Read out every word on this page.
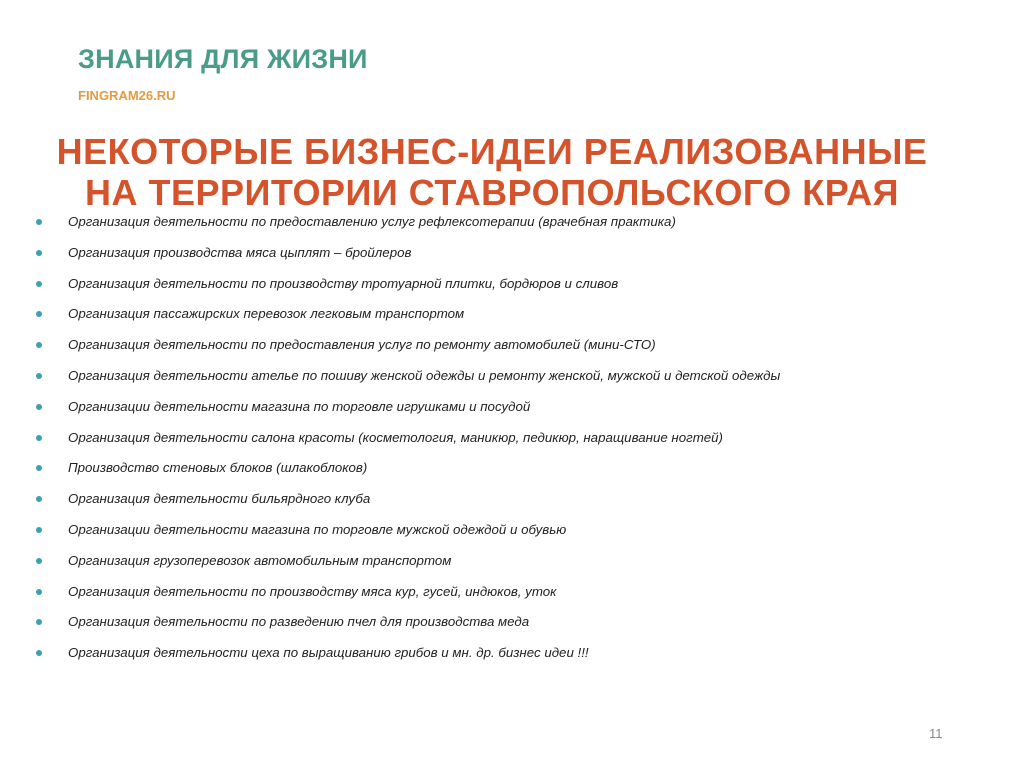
ЗНАНИЯ ДЛЯ ЖИЗНИ
FINGRAM26.RU
НЕКОТОРЫЕ БИЗНЕС-ИДЕИ РЕАЛИЗОВАННЫЕ
НА ТЕРРИТОРИИ СТАВРОПОЛЬСКОГО КРАЯ
Организация деятельности по предоставлению услуг рефлексотерапии (врачебная практика)
Организация производства мяса цыплят – бройлеров
Организация деятельности по производству тротуарной плитки, бордюров и сливов
Организация пассажирских перевозок легковым транспортом
Организация деятельности по предоставления услуг по ремонту автомобилей (мини-СТО)
Организация деятельности ателье по пошиву женской одежды и ремонту женской, мужской и детской одежды
Организации деятельности магазина по торговле игрушками и посудой
Организация деятельности салона красоты (косметология, маникюр, педикюр, наращивание ногтей)
Производство стеновых блоков (шлакоблоков)
Организация деятельности бильярдного клуба
Организации деятельности магазина по торговле мужской одеждой и обувью
Организация грузоперевозок автомобильным транспортом
Организация деятельности по производству мяса кур, гусей, индюков, уток
Организация деятельности по разведению пчел для производства меда
Организация деятельности цеха по выращиванию грибов и мн. др. бизнес идеи !!!
11
